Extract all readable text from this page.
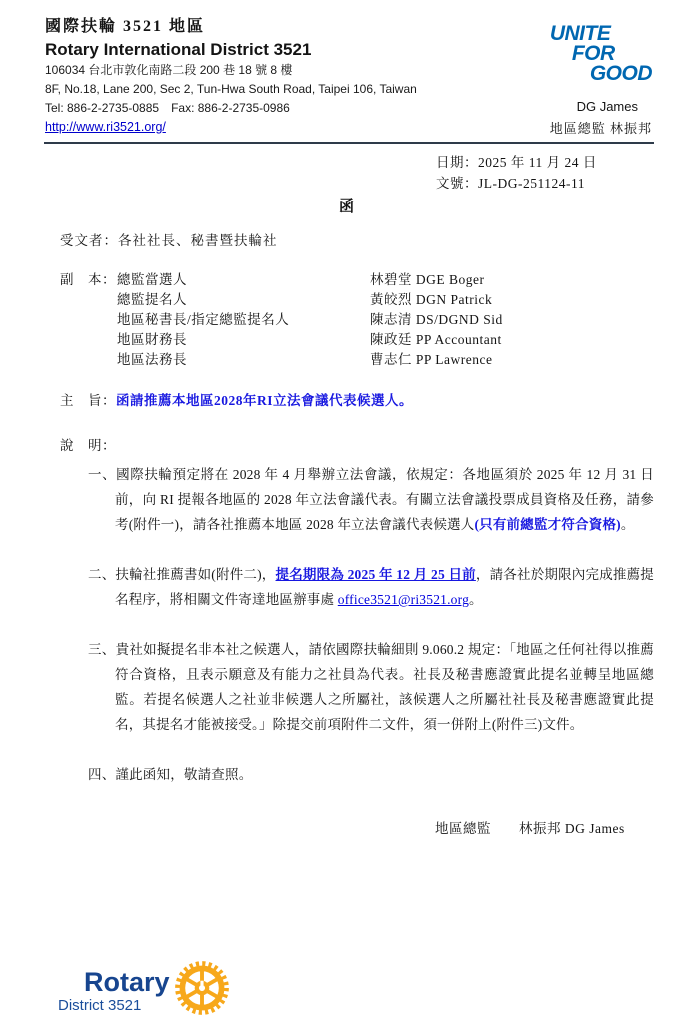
國際扶輪 3521 地區
Rotary International District 3521
106034 台北市敦化南路二段 200 巷 18 號 8 樓
8F, No.18, Lane 200, Sec 2, Tun-Hwa South Road, Taipei 106, Taiwan
Tel: 886-2-2735-0885　Fax: 886-2-2735-0986
http://www.ri3521.org/
UNITE
FOR
GOOD
DG James
地區總監 林振邦
日期：2025 年 11 月 24 日
文號：JL-DG-251124-11
函
受文者：各社社長、秘書暨扶輪社
副　本： 總監當選人	林碧堂 DGE Boger
總監提名人	黃皎烈 DGN Patrick
地區秘書長/指定總監提名人	陳志清 DS/DGND Sid
地區財務長	陳政廷 PP Accountant
地區法務長	曹志仁 PP Lawrence
主　旨：函請推薦本地區2028年RI立法會議代表候選人。
說　明：

一、國際扶輪預定將在 2028 年 4 月舉辦立法會議，依規定：各地區須於 2025 年 12 月 31 日前，向 RI 提報各地區的 2028 年立法會議代表。有關立法會議投票成員資格及任務，請參考(附件一)，請各社推薦本地區 2028 年立法會議代表候選人(只有前總監才符合資格)。

二、扶輪社推薦書如(附件二)，提名期限為 2025 年 12 月 25 日前，請各社於期限內完成推薦提名程序，將相關文件寄達地區辦事處 office3521@ri3521.org。

三、貴社如擬提名非本社之候選人，請依國際扶輪細則 9.060.2 規定：「地區之任何社得以推薦符合資格，且表示願意及有能力之社員為代表。社長及秘書應證實此提名並轉呈地區總監。若提名候選人之社並非候選人之所屬社，該候選人之所屬社社長及秘書應證實此提名，其提名才能被接受。」除提交前項附件二文件，須一併附上(附件三)文件。

四、謹此函知，敬請查照。

地區總監　　林振邦 DG James
Rotary
District 3521
